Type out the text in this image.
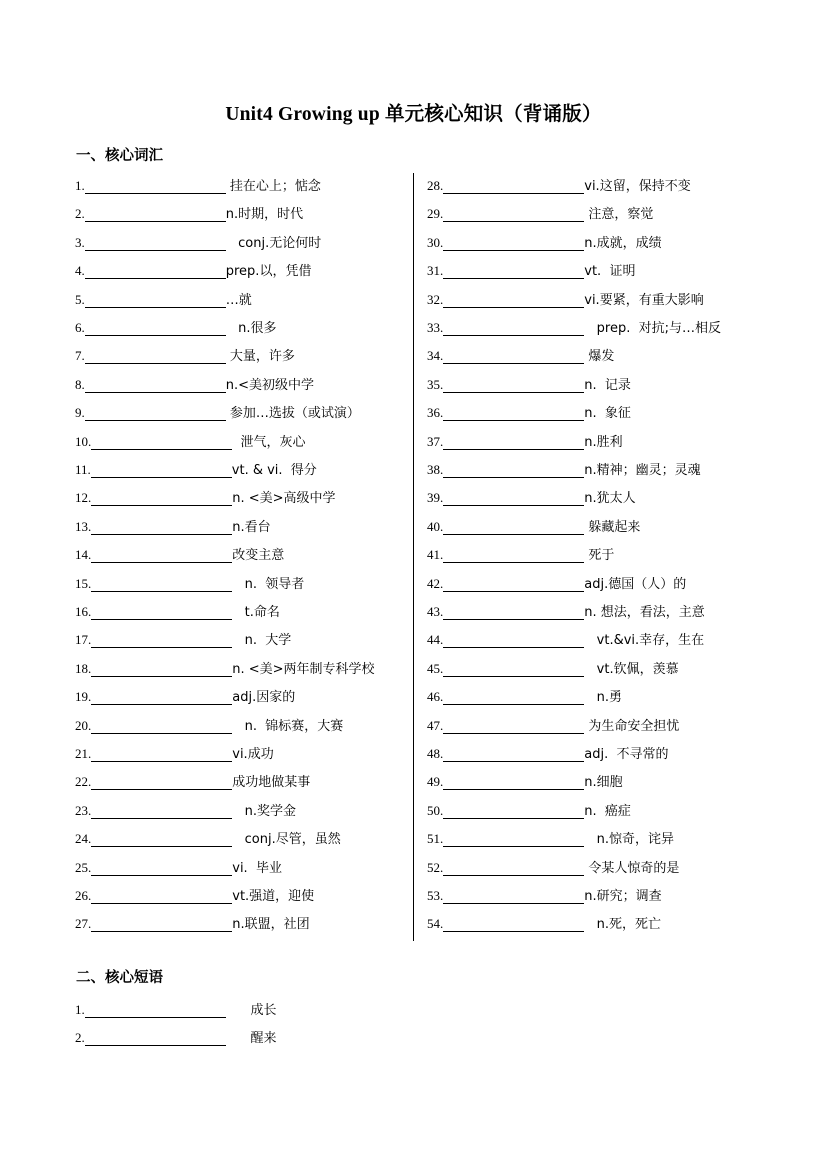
Unit4 Growing up 单元核心知识（背诵版）
一、核心词汇
1.	挂在心上；惦念
2.	n.时期，时代
3.	conj.无论何时
4.	prep.以，凭借
5.	…就
6.	n.很多
7.	大量，许多
8.	n.<美初级中学
9.	参加…选拔（或试演）
10.	泄气，灰心
11.	vt. & vi.  得分
12.	n. <美>高级中学
13.	n.看台
14.	改变主意
15.	n.  领导者
16.	t.命名
17.	n.  大学
18.	n. <美>两年制专科学校
19.	adj.因家的
20.	n.  锦标赛，大赛
21.	vi.成功
22.	成功地做某事
23.	n.奖学金
24.	conj.尽管，虽然
25.	vi.  毕业
26.	vt.强道，迎使
27.	n.联盟，社团
28.	vi.这留，保持不变
29.	注意，察觉
30.	n.成就，成绩
31.	vt.  证明
32.	vi.要紧，有重大影响
33.	prep.  对抗;与…相反
34.	爆发
35.	n.  记录
36.	n.  象征
37.	n.胜利
38.	n.精神；幽灵；灵魂
39.	n.犹太人
40.	躲藏起来
41.	死于
42.	adj.德国（人）的
43.	n. 想法，看法，主意
44.	vt.&vi.幸存，生在
45.	vt.钦佩，羡慕
46.	n.勇
47.	为生命安全担忧
48.	adj.  不寻常的
49.	n.细胞
50.	n.  癌症
51.	n.惊奇，诧异
52.	令某人惊奇的是
53.	n.研究；调查
54.	n.死，死亡
二、核心短语
1.	成长
2.	醒来
